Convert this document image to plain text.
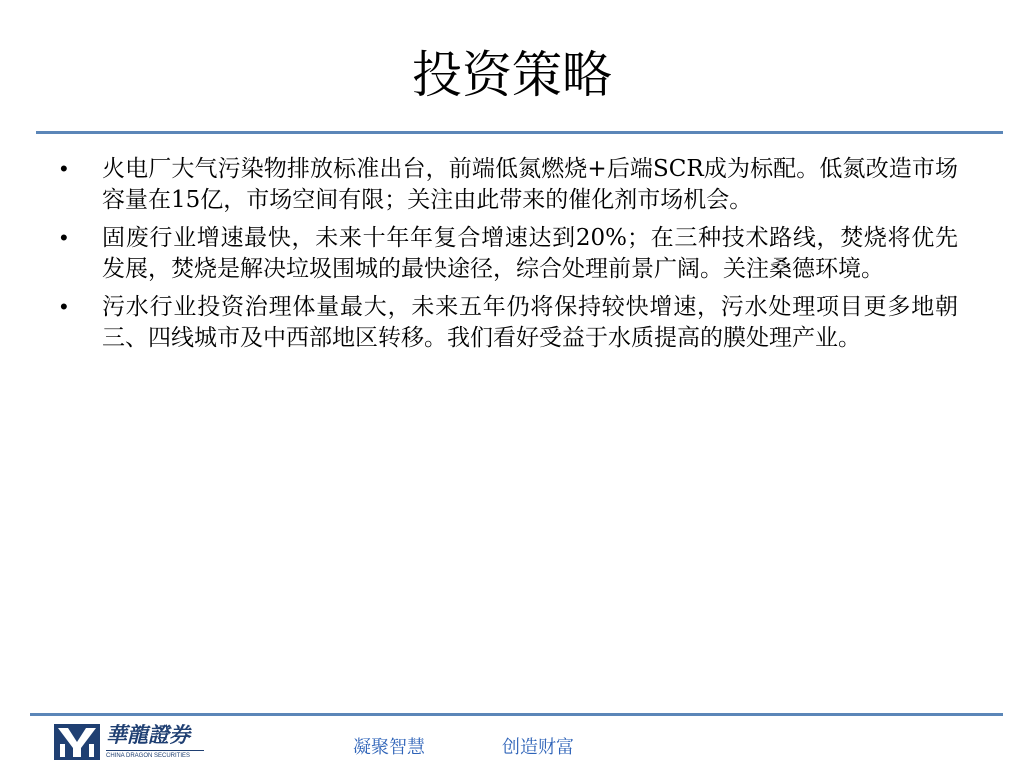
投资策略
• 火电厂大气污染物排放标准出台，前端低氮燃烧+后端SCR成为标配。低氮改造市场容量在15亿，市场空间有限；关注由此带来的催化剂市场机会。
• 固废行业增速最快，未来十年年复合增速达到20%；在三种技术路线，焚烧将优先发展，焚烧是解决垃圾围城的最快途径，综合处理前景广阔。关注桑德环境。
• 污水行业投资治理体量最大，未来五年仍将保持较快增速，污水处理项目更多地朝三、四线城市及中西部地区转移。我们看好受益于水质提高的膜处理产业。
華龍證券
CHINA DRAGON SECURITIES	凝聚智慧	创造财富
